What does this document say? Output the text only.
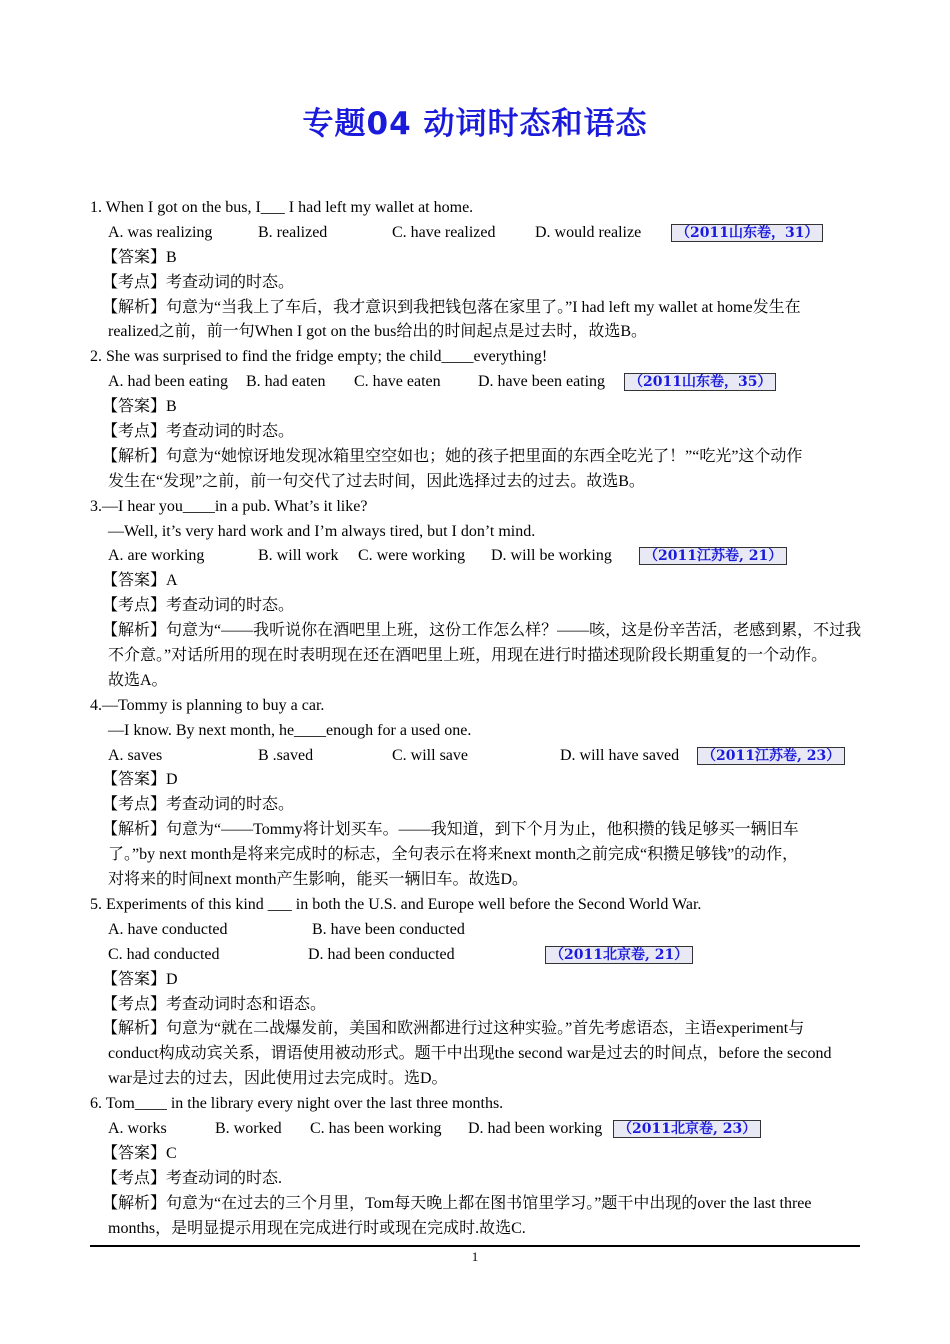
专题04 动词时态和语态
1. When I got on the bus, I___ I had left my wallet at home.
A. was realizing	B. realized	C. have realized D. would realize	（2011山东卷，31）
【答案】B
【考点】考查动词的时态。
【解析】句意为“当我上了车后，我才意识到我把钱包落在家里了。”I had left my wallet at home发生在
realized之前，前一句When I got on the bus给出的时间起点是过去时，故选B。
2. She was surprised to find the fridge empty; the child____everything!
A. had been eating B. had eaten C. have eaten D. have been eating	（2011山东卷，35）
【答案】B
【考点】考查动词的时态。
【解析】句意为“她惊讶地发现冰箱里空空如也；她的孩子把里面的东西全吃光了！”“吃光”这个动作
发生在“发现”之前，前一句交代了过去时间，因此选择过去的过去。故选B。
3.—I hear you____in a pub. What’s it like?
—Well, it’s very hard work and I’m always tired, but I don’t mind.
A. are working	B. will work C. were working D. will be working	（2011江苏卷, 21）
【答案】A
【考点】考查动词的时态。
【解析】句意为“——我听说你在酒吧里上班，这份工作怎么样？——咳，这是份辛苦活，老感到累，不过我
不介意。”对话所用的现在时表明现在还在酒吧里上班，用现在进行时描述现阶段长期重复的一个动作。
故选A。
4.—Tommy is planning to buy a car.
—I know. By next month, he____enough for a used one.
A. saves	B .saved	C. will save	D. will have saved	（2011江苏卷, 23）
【答案】D
【考点】考查动词的时态。
【解析】句意为“——Tommy将计划买车。——我知道，到下个月为止，他积攒的钱足够买一辆旧车
了。”by next month是将来完成时的标志，全句表示在将来next month之前完成“积攒足够钱”的动作，
对将来的时间next month产生影响，能买一辆旧车。故选D。
5. Experiments of this kind ___ in both the U.S. and Europe well before the Second World War.
A. have conducted	B. have been conducted
C. had conducted	D. had been conducted	（2011北京卷, 21）
【答案】D
【考点】考查动词时态和语态。
【解析】句意为“就在二战爆发前，美国和欧洲都进行过这种实验。”首先考虑语态，主语experiment与
conduct构成动宾关系，谓语使用被动形式。题干中出现the second war是过去的时间点，before the second
war是过去的过去，因此使用过去完成时。选D。
6. Tom____ in the library every night over the last three months.
A. works	B. worked C. has been working D. had been working	（2011北京卷, 23）
【答案】C
【考点】考查动词的时态.
【解析】句意为“在过去的三个月里，Tom每天晚上都在图书馆里学习。”题干中出现的over the last three
months，是明显提示用现在完成进行时或现在完成时.故选C.
1
